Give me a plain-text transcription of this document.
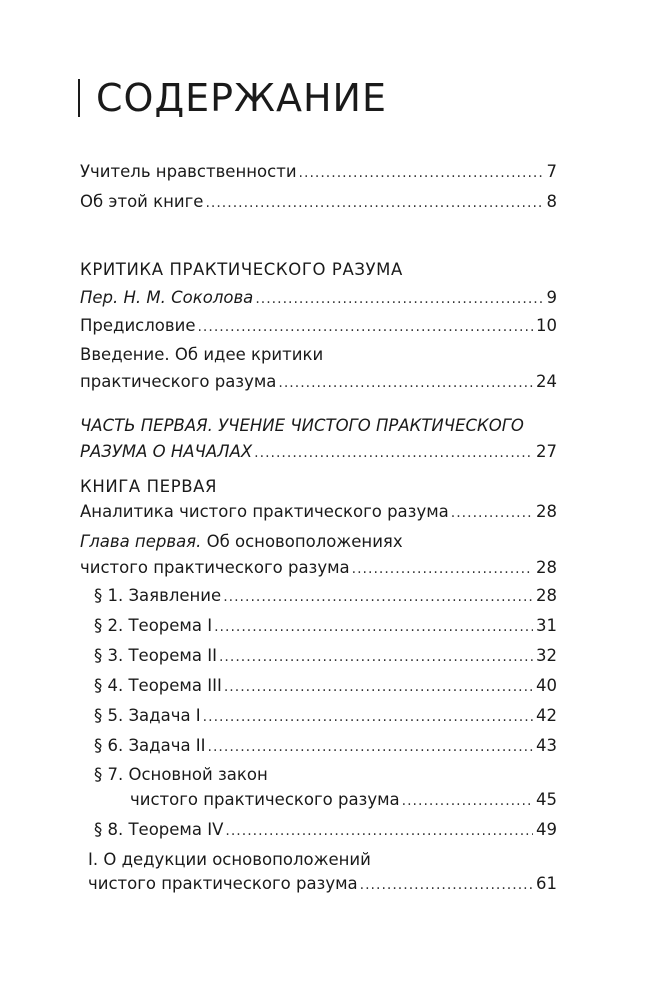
СОДЕРЖАНИЕ
Учитель нравственности .....	7
Об этой книге .....	8
КРИТИКА ПРАКТИЧЕСКОГО РАЗУМА
Пер. Н. М. Соколова .....	9
Предисловие .....	10
Введение. Об идее критики
практического разума .....	24
ЧАСТЬ ПЕРВАЯ. УЧЕНИЕ ЧИСТОГО ПРАКТИЧЕСКОГО
РАЗУМА О НАЧАЛАХ .....	27
КНИГА ПЕРВАЯ
Аналитика чистого практического разума .....	28
Глава первая. Об основоположениях
чистого практического разума .....	28
§ 1. Заявление .....	28
§ 2. Теорема I .....	31
§ 3. Теорема II .....	32
§ 4. Теорема III .....	40
§ 5. Задача I .....	42
§ 6. Задача II .....	43
§ 7. Основной закон
чистого практического разума .....	45
§ 8. Теорема IV .....	49
I. О дедукции основоположений
чистого практического разума .....	61
